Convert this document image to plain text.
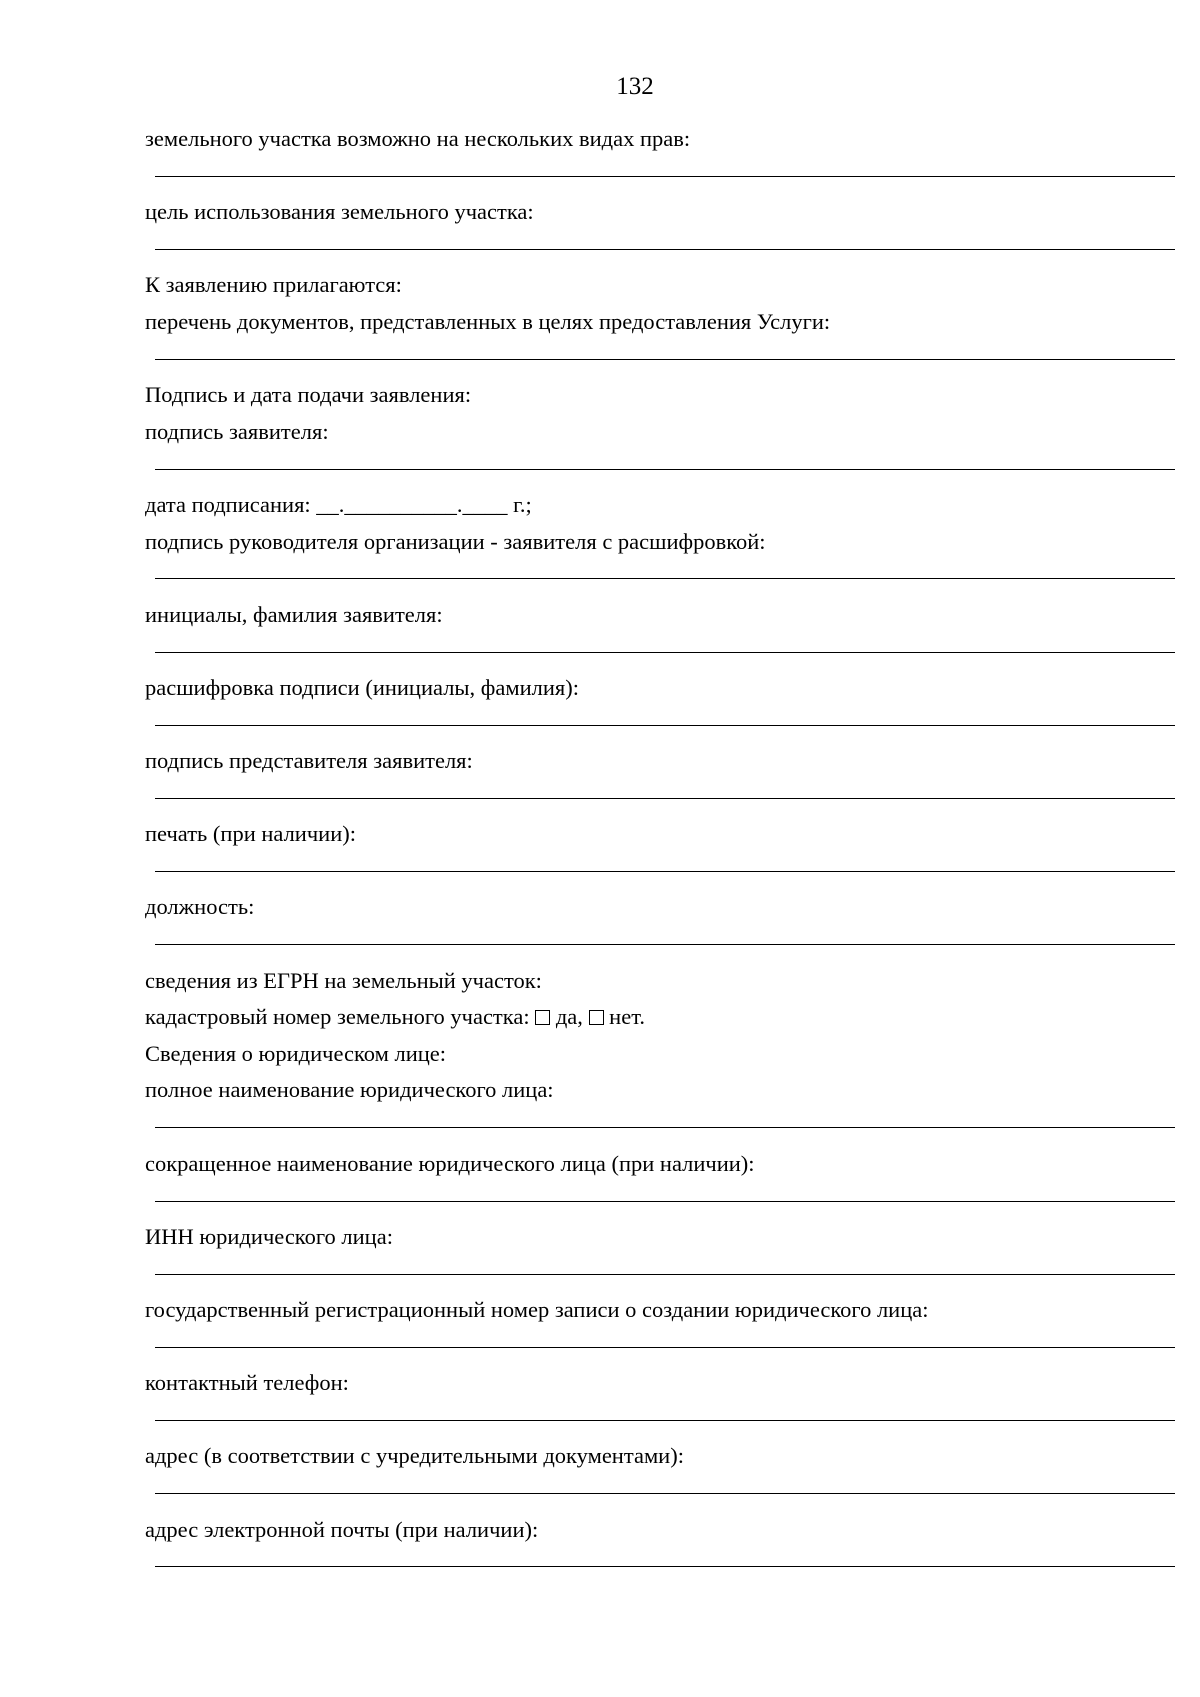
132
земельного участка возможно на нескольких видах прав:
цель использования земельного участка:
К заявлению прилагаются:
перечень документов, представленных в целях предоставления Услуги:
Подпись и дата подачи заявления:
подпись заявителя:
дата подписания: __.__________.____ г.;
подпись руководителя организации - заявителя с расшифровкой:
инициалы, фамилия заявителя:
расшифровка подписи (инициалы, фамилия):
подпись представителя заявителя:
печать (при наличии):
должность:
сведения из ЕГРН на земельный участок:
кадастровый номер земельного участка: да, нет.
Сведения о юридическом лице:
полное наименование юридического лица:
сокращенное наименование юридического лица (при наличии):
ИНН юридического лица:
государственный регистрационный номер записи о создании юридического лица:
контактный телефон:
адрес (в соответствии с учредительными документами):
адрес электронной почты (при наличии):
